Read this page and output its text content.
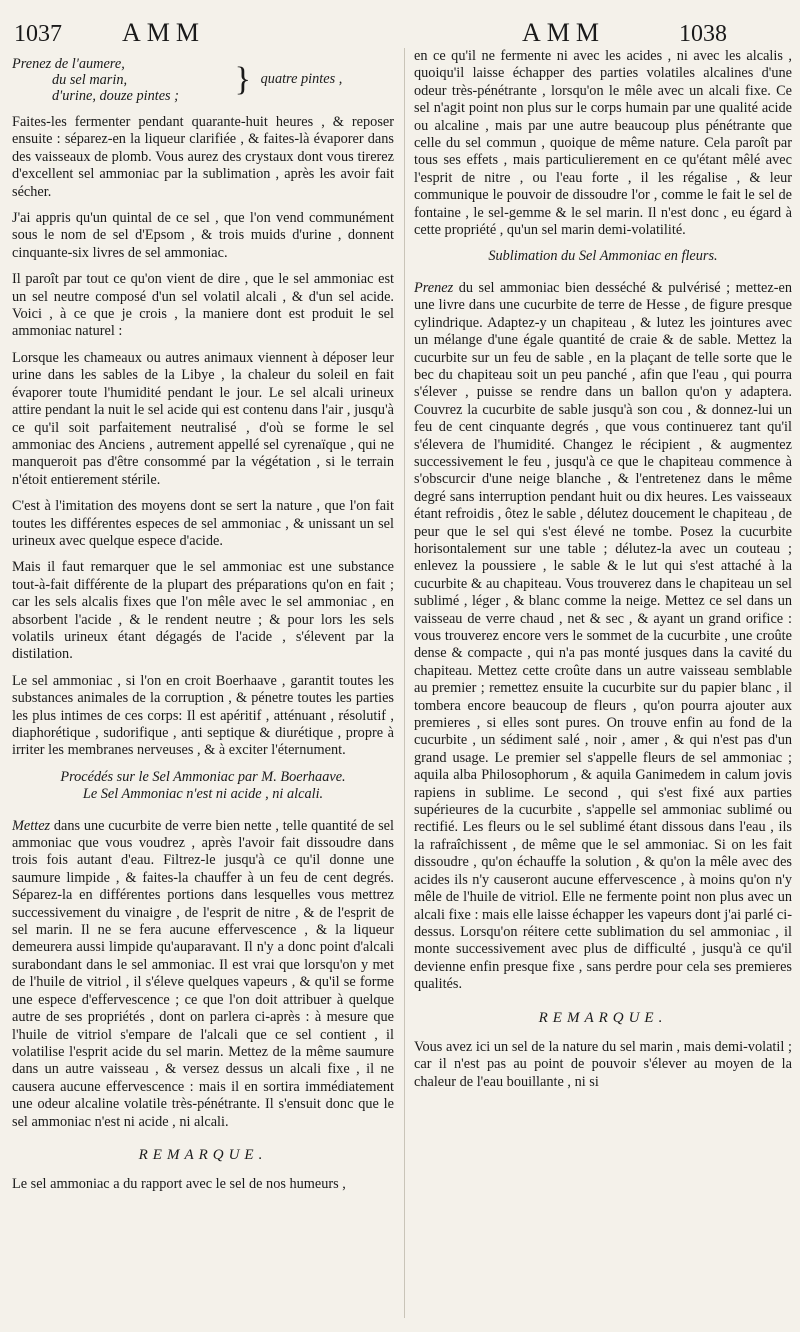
1037 AMM	AMM	1038
Prenez de l'aumere,
du sel marin,
d'urine, douze pintes ;	} quatre pintes ,

Faites-les fermenter pendant quarante-huit heures , & reposer ensuite : séparez-en la liqueur clarifiée , & faites-là évaporer dans des vaisseaux de plomb. Vous aurez des crystaux dont vous tirerez d'excellent sel ammoniac par la sublimation , après les avoir fait sécher.

J'ai appris qu'un quintal de ce sel , que l'on vend communément sous le nom de sel d'Epsom , & trois muids d'urine , donnent cinquante-six livres de sel ammoniac.

Il paroît par tout ce qu'on vient de dire , que le sel ammoniac est un sel neutre composé d'un sel volatil alcali , & d'un sel acide. Voici , à ce que je crois , la maniere dont est produit le sel ammoniac naturel :

Lorsque les chameaux ou autres animaux viennent à déposer leur urine dans les sables de la Libye , la chaleur du soleil en fait évaporer toute l'humidité pendant le jour. Le sel alcali urineux attire pendant la nuit le sel acide qui est contenu dans l'air , jusqu'à ce qu'il soit parfaitement neutralisé , d'où se forme le sel ammoniac des Anciens , autrement appellé sel cyrenaïque , qui ne manqueroit pas d'être consommé par la végétation , si le terrain n'étoit entierement stérile.

C'est à l'imitation des moyens dont se sert la nature , que l'on fait toutes les différentes especes de sel ammoniac , & unissant un sel urineux avec quelque espece d'acide.

Mais il faut remarquer que le sel ammoniac est une substance tout-à-fait différente de la plupart des préparations qu'on en fait ; car les sels alcalis fixes que l'on mêle avec le sel ammoniac , en absorbent l'acide , & le rendent neutre ; & pour lors les sels volatils urineux étant dégagés de l'acide , s'élevent par la distilation.

Le sel ammoniac , si l'on en croit Boerhaave , garantit toutes les substances animales de la corruption , & pénetre toutes les parties les plus intimes de ces corps: Il est apéritif , atténuant , résolutif , diaphorétique , sudorifique , anti septique & diurétique , propre à irriter les membranes nerveuses , & à exciter l'éternument.

Procédés sur le Sel Ammoniac par M. Boerhaave.
Le Sel Ammoniac n'est ni acide , ni alcali.

Mettez dans une cucurbite de verre bien nette , telle quantité de sel ammoniac que vous voudrez , après l'avoir fait dissoudre dans trois fois autant d'eau. Filtrez-le jusqu'à ce qu'il donne une saumure limpide , & faites-la chauffer à un feu de cent degrés. Séparez-la en différentes portions dans lesquelles vous mettrez successivement du vinaigre , de l'esprit de nitre , & de l'esprit de sel marin. Il ne se fera aucune effervescence , & la liqueur demeurera aussi limpide qu'auparavant. Il n'y a donc point d'alcali surabondant dans le sel ammoniac. Il est vrai que lorsqu'on y met de l'huile de vitriol , il s'éleve quelques vapeurs , & qu'il se forme une espece d'effervescence ; ce que l'on doit attribuer à quelque autre de ses propriétés , dont on parlera ci-après : à mesure que l'huile de vitriol s'empare de l'alcali que ce sel contient , il volatilise l'esprit acide du sel marin. Mettez de la même saumure dans un autre vaisseau , & versez dessus un alcali fixe , il ne causera aucune effervescence : mais il en sortira immédiatement une odeur alcaline volatile très-pénétrante. Il s'ensuit donc que le sel ammoniac n'est ni acide , ni alcali.

REMARQUE.

Le sel ammoniac a du rapport avec le sel de nos humeurs ,

en ce qu'il ne fermente ni avec les acides , ni avec les alcalis , quoiqu'il laisse échapper des parties volatiles alcalines d'une odeur très-pénétrante , lorsqu'on le mêle avec un alcali fixe. Ce sel n'agit point non plus sur le corps humain par une qualité acide ou alcaline , mais par une autre beaucoup plus pénétrante que celle du sel commun , quoique de même nature. Cela paroît par tous ses effets , mais particulierement en ce qu'étant mêlé avec l'esprit de nitre , ou l'eau forte , il les régalise , & leur communique le pouvoir de dissoudre l'or , comme le fait le sel de fontaine , le sel-gemme & le sel marin. Il n'est donc , eu égard à cette propriété , qu'un sel marin demi-volatilité.

Sublimation du Sel Ammoniac en fleurs.

Prenez du sel ammoniac bien desséché & pulvérisé ; mettez-en une livre dans une cucurbite de terre de Hesse , de figure presque cylindrique. Adaptez-y un chapiteau , & lutez les jointures avec un mélange d'une égale quantité de craie & de sable. Mettez la cucurbite sur un feu de sable , en la plaçant de telle sorte que le bec du chapiteau soit un peu panché , afin que l'eau , qui pourra s'élever , puisse se rendre dans un ballon qu'on y adaptera. Couvrez la cucurbite de sable jusqu'à son cou , & donnez-lui un feu de cent cinquante degrés , que vous continuerez tant qu'il s'élevera de l'humidité. Changez le récipient , & augmentez successivement le feu , jusqu'à ce que le chapiteau commence à s'obscurcir d'une neige blanche , & l'entretenez dans le même degré sans interruption pendant huit ou dix heures. Les vaisseaux étant refroidis , ôtez le sable , délutez doucement le chapiteau , de peur que le sel qui s'est élevé ne tombe. Posez la cucurbite horisontalement sur une table ; délutez-la avec un couteau ; enlevez la poussiere , le sable & le lut qui s'est attaché à la cucurbite & au chapiteau. Vous trouverez dans le chapiteau un sel sublimé , léger , & blanc comme la neige. Mettez ce sel dans un vaisseau de verre chaud , net & sec , & ayant un grand orifice : vous trouverez encore vers le sommet de la cucurbite , une croûte dense & compacte , qui n'a pas monté jusques dans la cavité du chapiteau. Mettez cette croûte dans un autre vaisseau semblable au premier ; remettez ensuite la cucurbite sur du papier blanc , il tombera encore beaucoup de fleurs , qu'on pourra ajouter aux premieres , si elles sont pures. On trouve enfin au fond de la cucurbite , un sédiment salé , noir , amer , & qui n'est pas d'un grand usage. Le premier sel s'appelle fleurs de sel ammoniac ; aquila alba Philosophorum , & aquila Ganimedem in calum jovis rapiens in sublime. Le second , qui s'est fixé aux parties supérieures de la cucurbite , s'appelle sel ammoniac sublimé ou rectifié. Les fleurs ou le sel sublimé étant dissous dans l'eau , ils la rafraîchissent , de même que le sel ammoniac. Si on les fait dissoudre , qu'on échauffe la solution , & qu'on la mêle avec des acides ils n'y causeront aucune effervescence , à moins qu'on n'y mêle de l'huile de vitriol. Elle ne fermente point non plus avec un alcali fixe : mais elle laisse échapper les vapeurs dont j'ai parlé ci-dessus. Lorsqu'on réitere cette sublimation du sel ammoniac , il monte successivement avec plus de difficulté , jusqu'à ce qu'il devienne enfin presque fixe , sans perdre pour cela ses premieres qualités.

REMARQUE.

Vous avez ici un sel de la nature du sel marin , mais demi-volatil ; car il n'est pas au point de pouvoir s'élever au moyen de la chaleur de l'eau bouillante , ni si
